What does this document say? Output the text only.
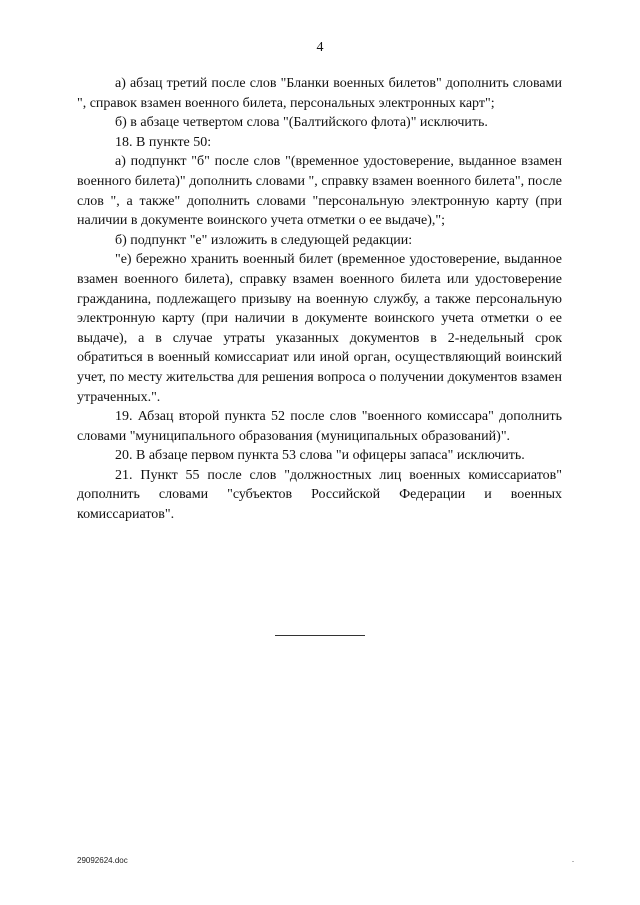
4

а) абзац третий после слов "Бланки военных билетов" дополнить словами ", справок взамен военного билета, персональных электронных карт";

б) в абзаце четвертом слова "(Балтийского флота)" исключить.

18. В пункте 50:

а) подпункт "б" после слов "(временное удостоверение, выданное взамен военного билета)" дополнить словами ", справку взамен военного билета", после слов ", а также" дополнить словами "персональную электронную карту (при наличии в документе воинского учета отметки о ее выдаче),";

б) подпункт "е" изложить в следующей редакции:

"е) бережно хранить военный билет (временное удостоверение, выданное взамен военного билета), справку взамен военного билета или удостоверение гражданина, подлежащего призыву на военную службу, а также персональную электронную карту (при наличии в документе воинского учета отметки о ее выдаче), а в случае утраты указанных документов в 2-недельный срок обратиться в военный комиссариат или иной орган, осуществляющий воинский учет, по месту жительства для решения вопроса о получении документов взамен утраченных.".

19. Абзац второй пункта 52 после слов "военного комиссара" дополнить словами "муниципального образования (муниципальных образований)".

20. В абзаце первом пункта 53 слова "и офицеры запаса" исключить.

21. Пункт 55 после слов "должностных лиц военных комиссариатов" дополнить словами "субъектов Российской Федерации и военных комиссариатов".

29092624.doc	.
